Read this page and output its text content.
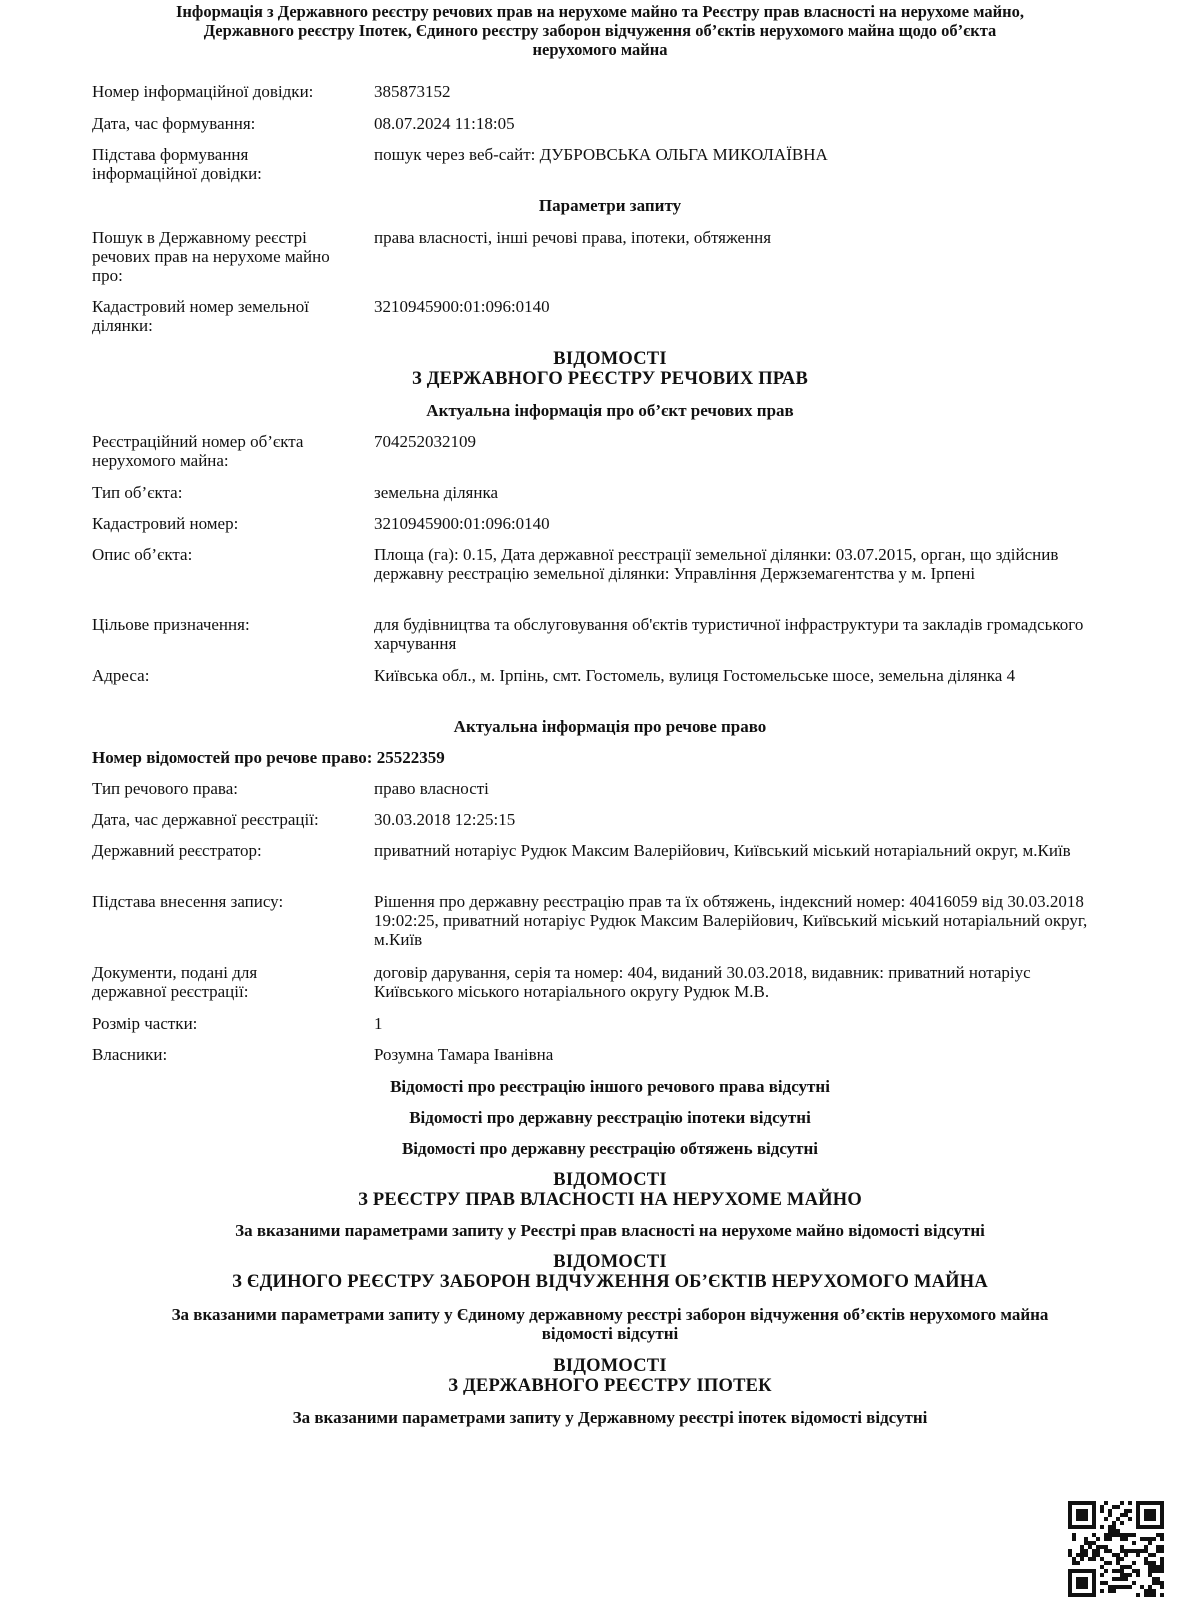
Інформація з Державного реєстру речових прав на нерухоме майно та Реєстру прав власності на нерухоме майно,
Державного реєстру Іпотек, Єдиного реєстру заборон відчуження об’єктів нерухомого майна щодо об’єкта
нерухомого майна
Номер інформаційної довідки:	385873152
Дата, час формування:	08.07.2024 11:18:05
Підстава формування інформаційної довідки:
пошук через веб-сайт: ДУБРОВСЬКА ОЛЬГА МИКОЛАЇВНА
Параметри запиту
Пошук в Державному реєстрі речових прав на нерухоме майно про:
права власності, інші речові права, іпотеки, обтяження
Кадастровий номер земельної ділянки:
3210945900:01:096:0140
ВІДОМОСТІ
З ДЕРЖАВНОГО РЕЄСТРУ РЕЧОВИХ ПРАВ
Актуальна інформація про об’єкт речових прав
Реєстраційний номер об’єкта нерухомого майна:
704252032109
Тип об’єкта:	земельна ділянка
Кадастровий номер:	3210945900:01:096:0140
Опис об’єкта:	Площа (га): 0.15, Дата державної реєстрації земельної ділянки: 03.07.2015, орган, що здійснив державну реєстрацію земельної ділянки: Управління Держземагентства у м. Ірпені
Цільове призначення:	для будівництва та обслуговування об'єктів туристичної інфраструктури та закладів громадського харчування
Адреса:	Київська обл., м. Ірпінь, смт. Гостомель, вулиця Гостомельське шосе, земельна ділянка 4
Актуальна інформація про речове право
Номер відомостей про речове право: 25522359
Тип речового права:	право власності
Дата, час державної реєстрації:	30.03.2018 12:25:15
Державний реєстратор:	приватний нотаріус Рудюк Максим Валерійович, Київський міський нотаріальний округ, м.Київ
Підстава внесення запису:	Рішення про державну реєстрацію прав та їх обтяжень, індексний номер: 40416059 від 30.03.2018 19:02:25, приватний нотаріус Рудюк Максим Валерійович, Київський міський нотаріальний округ, м.Київ
Документи, подані для державної реєстрації:
договір дарування, серія та номер: 404, виданий 30.03.2018, видавник: приватний нотаріус Київського міського нотаріального округу Рудюк М.В.
Розмір частки:	1
Власники:	Розумна Тамара Іванівна
Відомості про реєстрацію іншого речового права відсутні
Відомості про державну реєстрацію іпотеки відсутні
Відомості про державну реєстрацію обтяжень відсутні
ВІДОМОСТІ
З РЕЄСТРУ ПРАВ ВЛАСНОСТІ НА НЕРУХОМЕ МАЙНО
За вказаними параметрами запиту у Реєстрі прав власності на нерухоме майно відомості відсутні
ВІДОМОСТІ
З ЄДИНОГО РЕЄСТРУ ЗАБОРОН ВІДЧУЖЕННЯ ОБ’ЄКТІВ НЕРУХОМОГО МАЙНА
За вказаними параметрами запиту у Єдиному державному реєстрі заборон відчуження об’єктів нерухомого майна
відомості відсутні
ВІДОМОСТІ
З ДЕРЖАВНОГО РЕЄСТРУ ІПОТЕК
За вказаними параметрами запиту у Державному реєстрі іпотек відомості відсутні
